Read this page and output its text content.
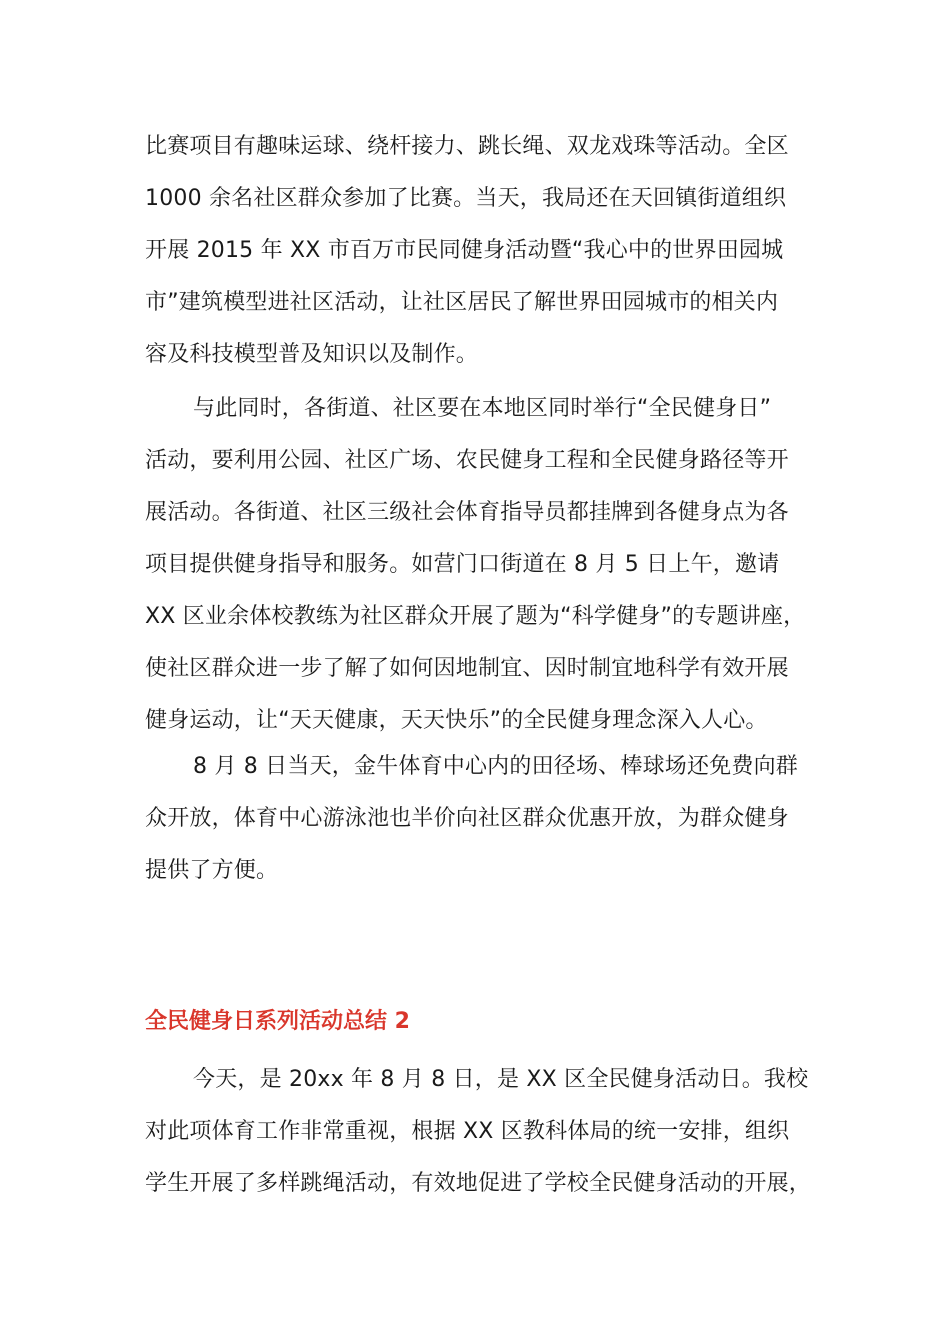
比赛项目有趣味运球、绕杆接力、跳长绳、双龙戏珠等活动。全区
1000 余名社区群众参加了比赛。当天，我局还在天回镇街道组织
开展 2015 年 XX 市百万市民同健身活动暨“我心中的世界田园城
市”建筑模型进社区活动，让社区居民了解世界田园城市的相关内
容及科技模型普及知识以及制作。
与此同时，各街道、社区要在本地区同时举行“全民健身日”
活动，要利用公园、社区广场、农民健身工程和全民健身路径等开
展活动。各街道、社区三级社会体育指导员都挂牌到各健身点为各
项目提供健身指导和服务。如营门口街道在 8 月 5 日上午，邀请
XX 区业余体校教练为社区群众开展了题为“科学健身”的专题讲座，
使社区群众进一步了解了如何因地制宜、因时制宜地科学有效开展
健身运动，让“天天健康，天天快乐”的全民健身理念深入人心。
8 月 8 日当天，金牛体育中心内的田径场、棒球场还免费向群
众开放，体育中心游泳池也半价向社区群众优惠开放，为群众健身
提供了方便。
全民健身日系列活动总结 2
今天，是 20xx 年 8 月 8 日，是 XX 区全民健身活动日。我校
对此项体育工作非常重视，根据 XX 区教科体局的统一安排，组织
学生开展了多样跳绳活动，有效地促进了学校全民健身活动的开展，
